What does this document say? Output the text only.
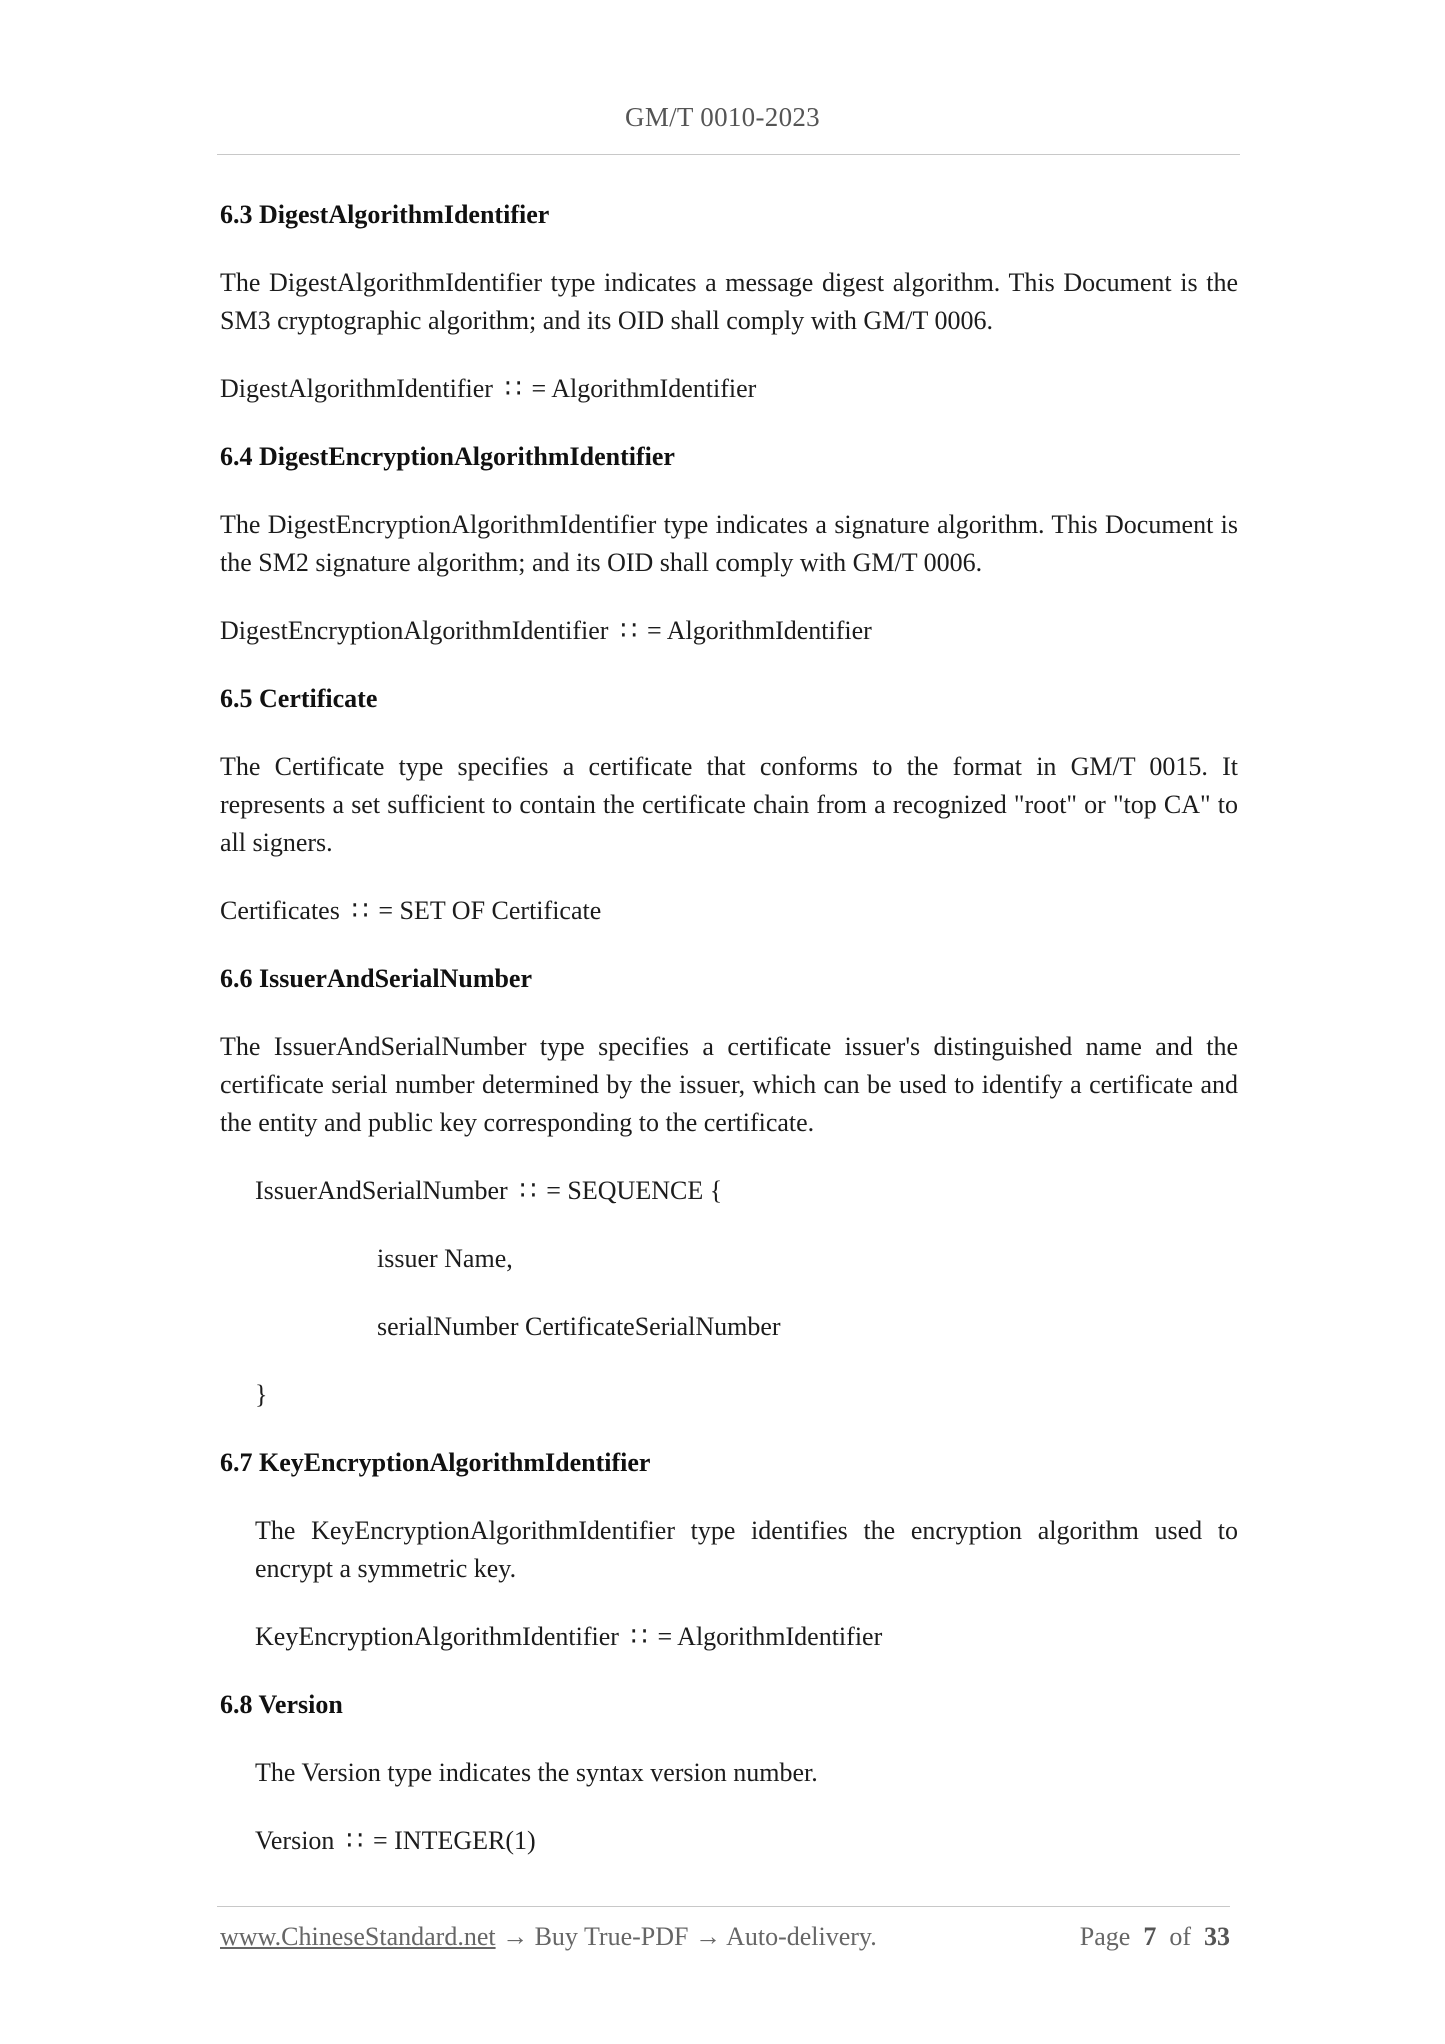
GM/T 0010-2023
6.3 DigestAlgorithmIdentifier
The DigestAlgorithmIdentifier type indicates a message digest algorithm. This Document is the SM3 cryptographic algorithm; and its OID shall comply with GM/T 0006.
DigestAlgorithmIdentifier ∷ = AlgorithmIdentifier
6.4 DigestEncryptionAlgorithmIdentifier
The DigestEncryptionAlgorithmIdentifier type indicates a signature algorithm. This Document is the SM2 signature algorithm; and its OID shall comply with GM/T 0006.
DigestEncryptionAlgorithmIdentifier ∷ = AlgorithmIdentifier
6.5 Certificate
The Certificate type specifies a certificate that conforms to the format in GM/T 0015. It represents a set sufficient to contain the certificate chain from a recognized "root" or "top CA" to all signers.
Certificates ∷ = SET OF Certificate
6.6 IssuerAndSerialNumber
The IssuerAndSerialNumber type specifies a certificate issuer's distinguished name and the certificate serial number determined by the issuer, which can be used to identify a certificate and the entity and public key corresponding to the certificate.
IssuerAndSerialNumber ∷ = SEQUENCE {
issuer Name,
serialNumber CertificateSerialNumber
}
6.7 KeyEncryptionAlgorithmIdentifier
The KeyEncryptionAlgorithmIdentifier type identifies the encryption algorithm used to encrypt a symmetric key.
KeyEncryptionAlgorithmIdentifier ∷ = AlgorithmIdentifier
6.8 Version
The Version type indicates the syntax version number.
Version ∷ = INTEGER(1)
www.ChineseStandard.net → Buy True-PDF → Auto-delivery.	Page 7 of 33
